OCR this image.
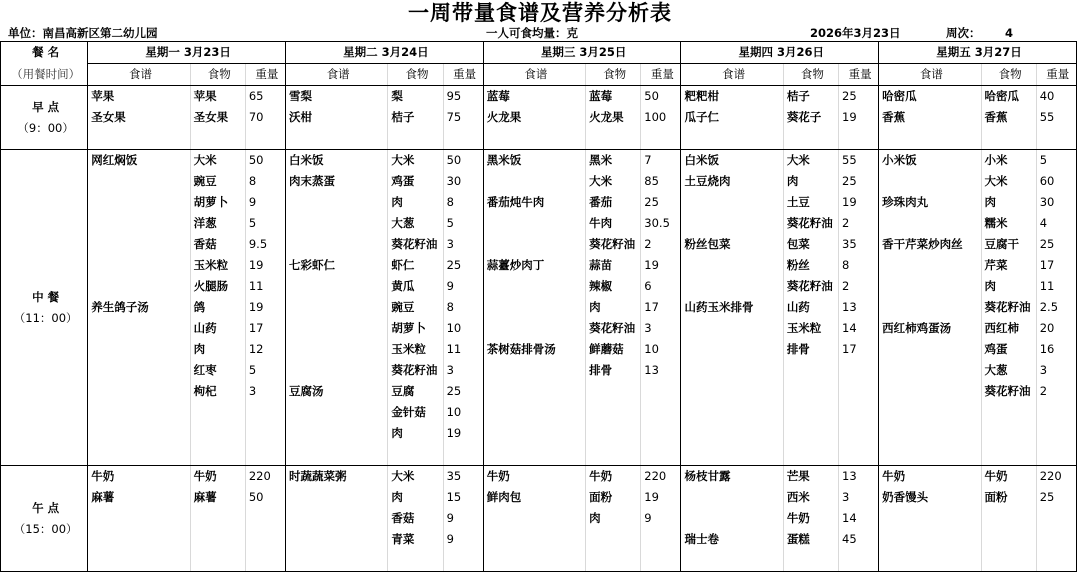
一周带量食谱及营养分析表
单位：南昌高新区第二幼儿园	一人可食均量：克	2026年3月23日	周次： 4
餐 名	星期一 3月23日			星期二 3月24日			星期三 3月25日			星期四 3月26日			星期五 3月27日		
（用餐时间）	食谱	食物	重量	食谱	食物	重量	食谱	食物	重量	食谱	食物	重量	食谱	食物	重量

早 点
（9：00）	苹果	苹果	65	雪梨	梨	95	蓝莓	蓝莓	50	粑粑柑	桔子	25	哈密瓜	哈密瓜	40
	圣女果	圣女果	70	沃柑	桔子	75	火龙果	火龙果	100	瓜子仁	葵花子	19	香蕉	香蕉	55

中 餐
（11：00）	网红焖饭	大米	50	白米饭	大米	50	黑米饭	黑米	7	白米饭	大米	55	小米饭	小米	5
		豌豆	8	肉末蒸蛋	鸡蛋	30		大米	85	土豆烧肉	肉	25		大米	60
		胡萝卜	9		肉	8	番茄炖牛肉	番茄	25		土豆	19	珍珠肉丸	肉	30
		洋葱	5		大葱	5		牛肉	30.5		葵花籽油	2		糯米	4
		香菇	9.5		葵花籽油	3		葵花籽油	2	粉丝包菜	包菜	35	香干芹菜炒肉丝	豆腐干	25
		玉米粒	19	七彩虾仁	虾仁	25	蒜薹炒肉丁	蒜苗	19		粉丝	8		芹菜	17
		火腿肠	11		黄瓜	9		辣椒	6		葵花籽油	2		肉	11
	养生鸽子汤	鸽	19		豌豆	8		肉	17	山药玉米排骨	山药	13		葵花籽油	2.5
		山药	17		胡萝卜	10		葵花籽油	3		玉米粒	14	西红柿鸡蛋汤	西红柿	20
		肉	12		玉米粒	11	茶树菇排骨汤	鲜蘑菇	10		排骨	17		鸡蛋	16
		红枣	5		葵花籽油	3		排骨	13					大葱	3
		枸杞	3	豆腐汤	豆腐	25								葵花籽油	2
					金针菇	10									
					肉	19									

午 点
（15：00）	牛奶	牛奶	220	时蔬蔬菜粥	大米	35	牛奶	牛奶	220	杨枝甘露	芒果	13	牛奶	牛奶	220
	麻薯	麻薯	50		肉	15	鲜肉包	面粉	19		西米	3	奶香馒头	面粉	25
					香菇	9		肉	9		牛奶	14			
					青菜	9				瑞士卷	蛋糕	45			
